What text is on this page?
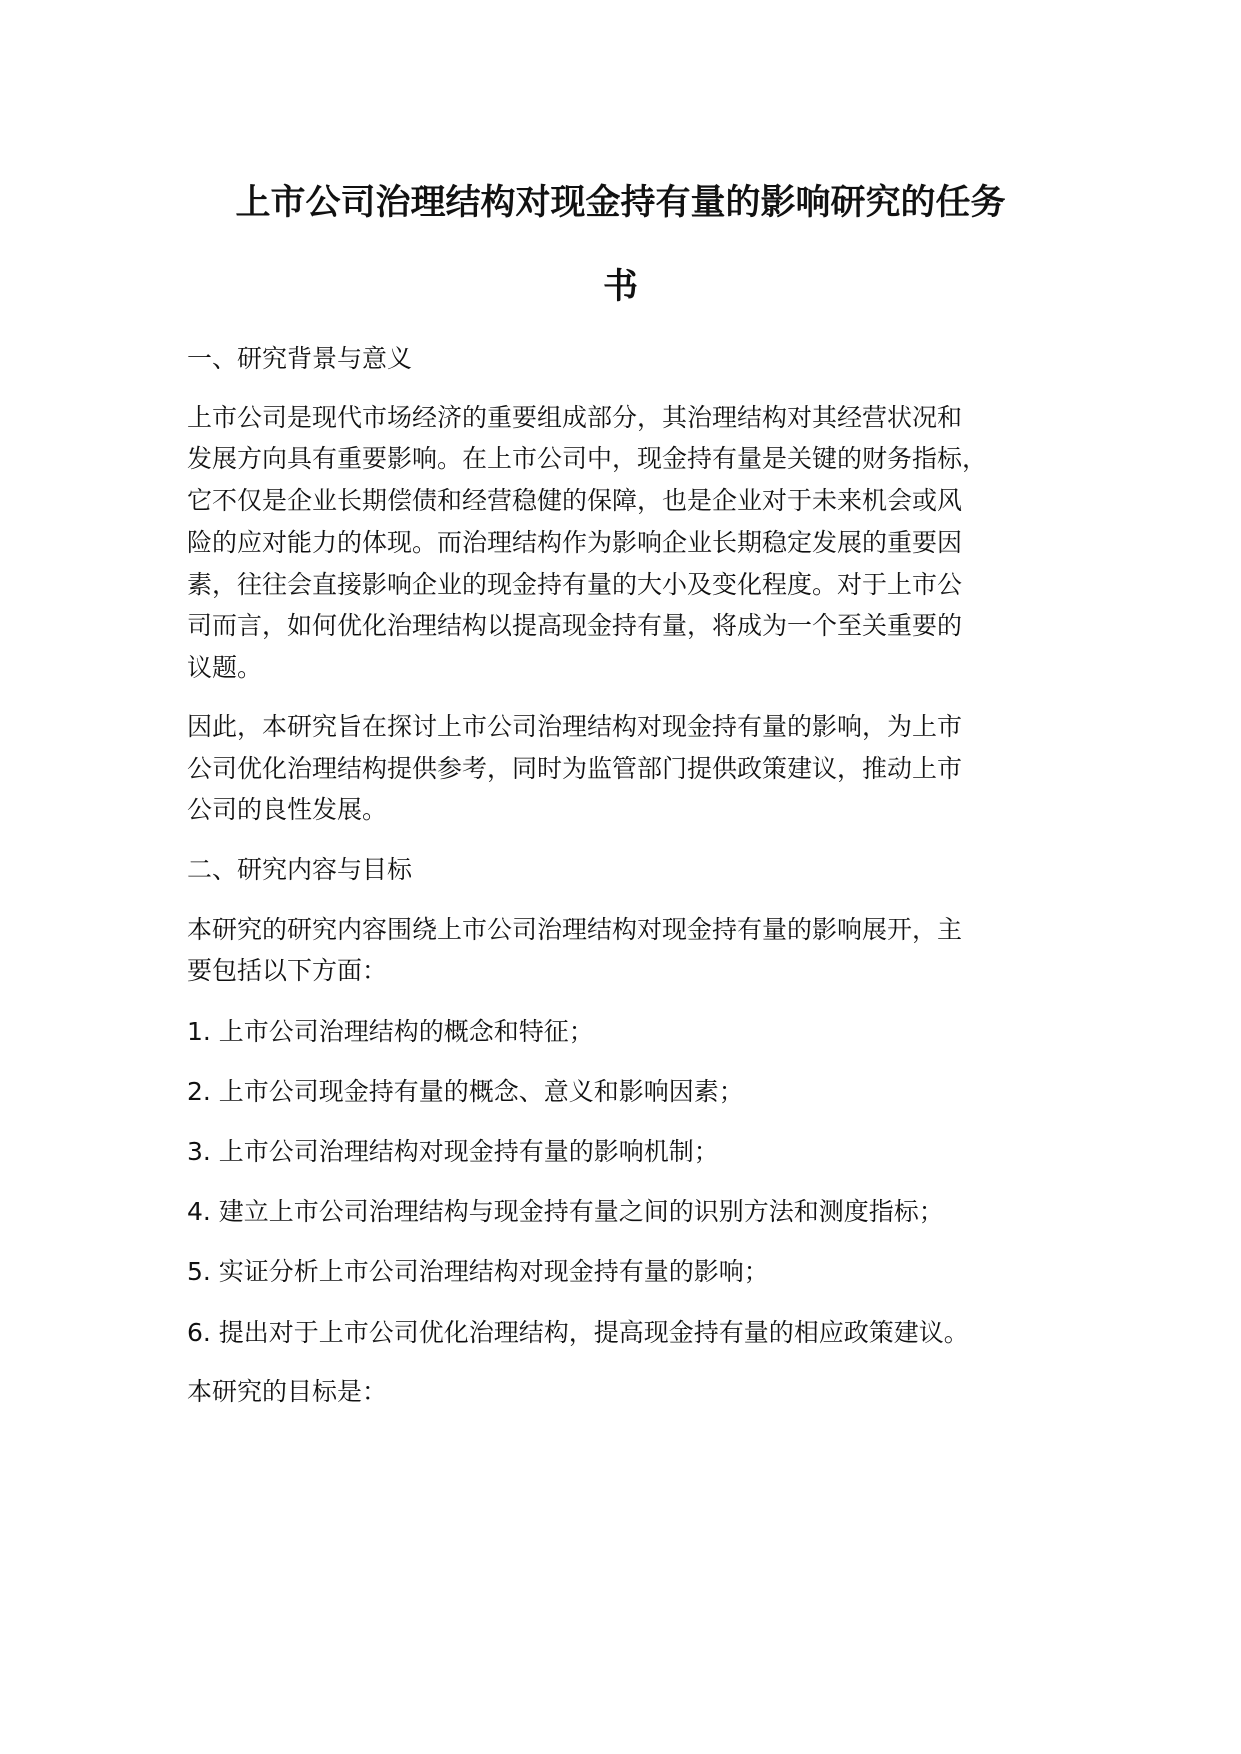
上市公司治理结构对现金持有量的影响研究的任务
书

一、研究背景与意义

上市公司是现代市场经济的重要组成部分，其治理结构对其经营状况和

发展方向具有重要影响。在上市公司中，现金持有量是关键的财务指标，

它不仅是企业长期偿债和经营稳健的保障，也是企业对于未来机会或风

险的应对能力的体现。而治理结构作为影响企业长期稳定发展的重要因

素，往往会直接影响企业的现金持有量的大小及变化程度。对于上市公

司而言，如何优化治理结构以提高现金持有量，将成为一个至关重要的

议题。

因此，本研究旨在探讨上市公司治理结构对现金持有量的影响，为上市

公司优化治理结构提供参考，同时为监管部门提供政策建议，推动上市

公司的良性发展。

二、研究内容与目标

本研究的研究内容围绕上市公司治理结构对现金持有量的影响展开，主

要包括以下方面：

1. 上市公司治理结构的概念和特征；

2. 上市公司现金持有量的概念、意义和影响因素；

3. 上市公司治理结构对现金持有量的影响机制；

4. 建立上市公司治理结构与现金持有量之间的识别方法和测度指标；

5. 实证分析上市公司治理结构对现金持有量的影响；

6. 提出对于上市公司优化治理结构，提高现金持有量的相应政策建议。

本研究的目标是：
